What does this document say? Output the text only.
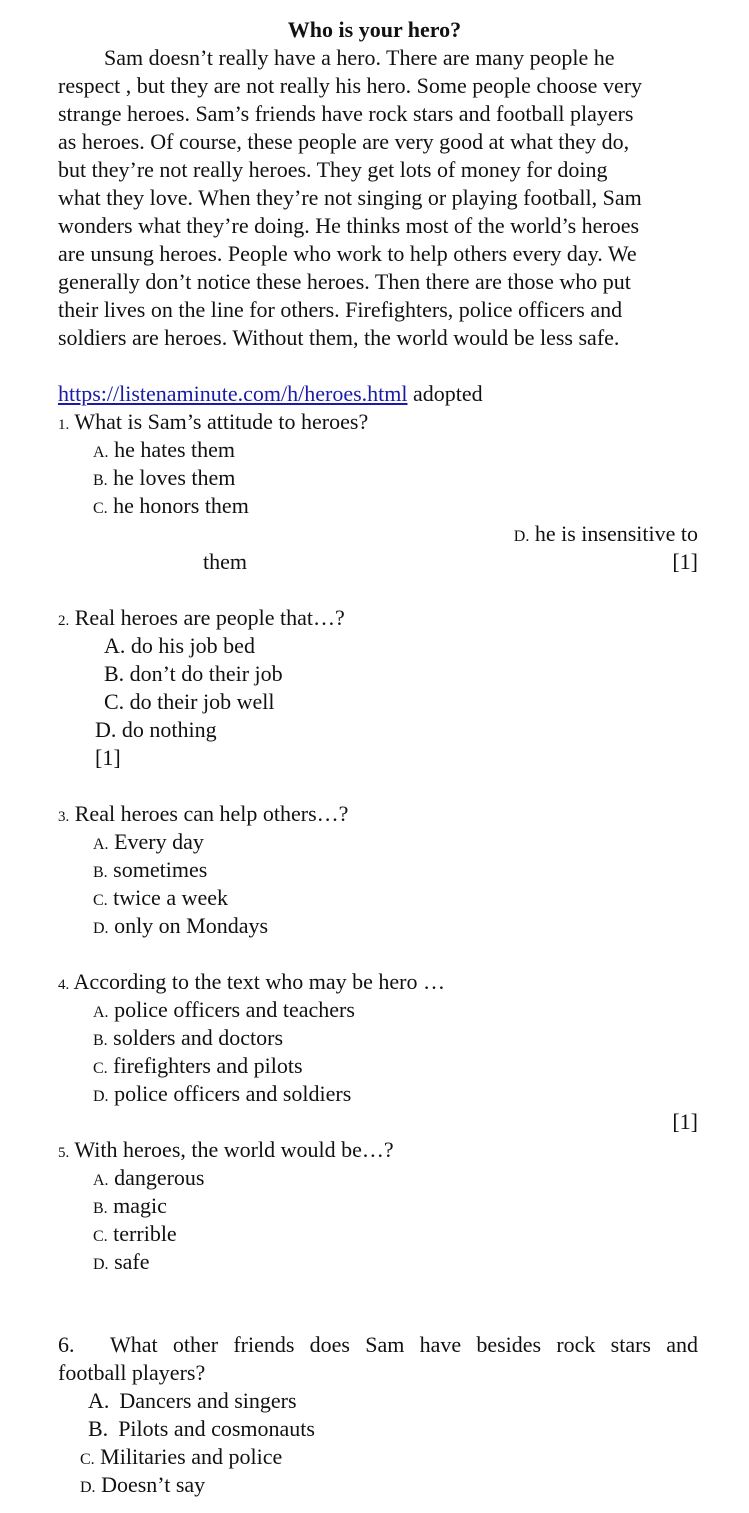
Who is your hero?
Sam doesn’t really have a hero. There are many people he
respect , but they are not really his hero. Some people choose very
strange heroes. Sam’s friends have rock stars and football players
as heroes. Of course, these people are very good at what they do,
but they’re not really heroes. They get lots of money for doing
what they love. When they’re not singing or playing football, Sam
wonders what they’re doing. He thinks most of the world’s heroes
are unsung heroes. People who work to help others every day. We
generally don’t notice these heroes. Then there are those who put
their lives on the line for others. Firefighters, police officers and
soldiers are heroes. Without them, the world would be less safe.
https://listenaminute.com/h/heroes.html adopted
1. What is Sam’s attitude to heroes?
A. he hates them
B. he loves them
C. he honors them
D. he is insensitive to
them	[1]
2. Real heroes are people that…?
A. do his job bed
B. don’t do their job
C. do their job well
D. do nothing
[1]
3. Real heroes can help others…?
A. Every day
B. sometimes
C. twice a week
D. only on Mondays
4. According to the text who may be hero …
A. police officers and teachers
B. solders and doctors
C. firefighters and pilots
D. police officers and soldiers
[1]
5. With heroes, the world would be…?
A. dangerous
B. magic
C. terrible
D. safe
6. What other friends does Sam have besides rock stars and
football players?
A. Dancers and singers
B. Pilots and cosmonauts
C. Militaries and police
D. Doesn’t say
